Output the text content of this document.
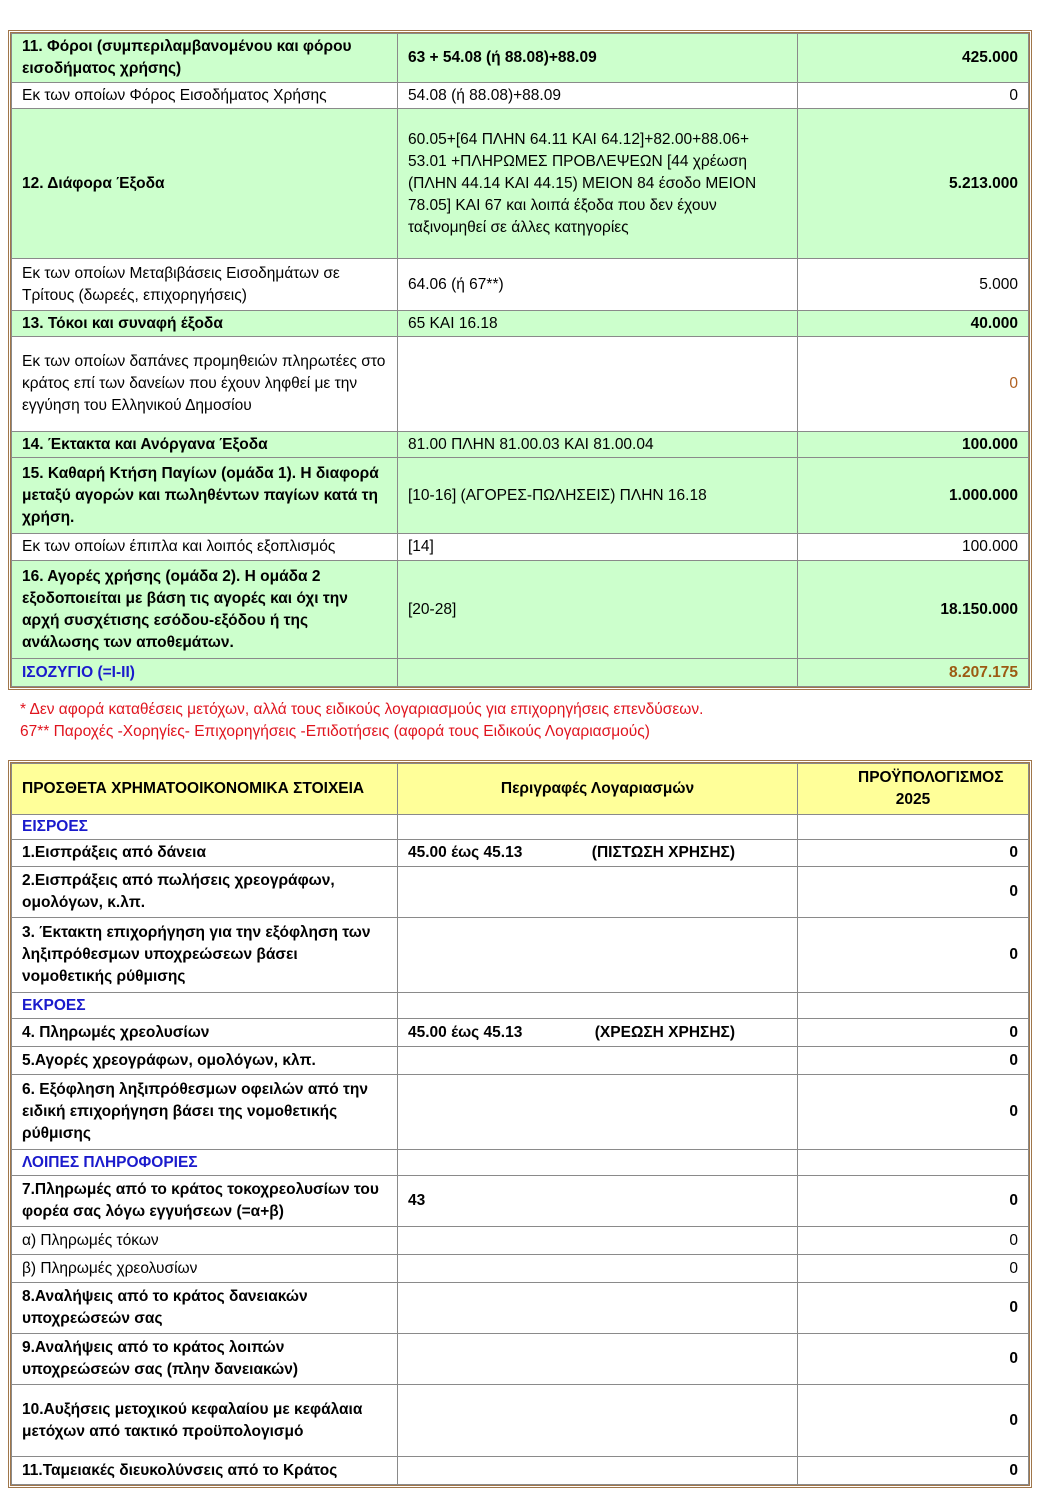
11. Φόροι (συμπεριλαμβανομένου και φόρου εισοδήματος χρήσης)	63 + 54.08 (ή 88.08)+88.09	425.000
Εκ των οποίων Φόρος Εισοδήματος Χρήσης	54.08 (ή 88.08)+88.09	0
12. Διάφορα Έξοδα	60.05+[64 ΠΛΗΝ 64.11 ΚΑΙ 64.12]+82.00+88.06+ 53.01 +ΠΛΗΡΩΜΕΣ ΠΡΟΒΛΕΨΕΩΝ [44 χρέωση (ΠΛΗΝ 44.14 ΚΑΙ 44.15) ΜΕΙΟΝ 84 έσοδο ΜΕΙΟΝ 78.05] ΚΑΙ 67 και λοιπά έξοδα που δεν έχουν ταξινομηθεί σε άλλες κατηγορίες	5.213.000
Εκ των οποίων Μεταβιβάσεις Εισοδημάτων σε Τρίτους (δωρεές, επιχορηγήσεις)	64.06 (ή 67**)	5.000
13. Τόκοι και συναφή έξοδα	65 ΚΑΙ 16.18	40.000
Εκ των οποίων δαπάνες προμηθειών πληρωτέες στο κράτος επί των δανείων που έχουν ληφθεί με την εγγύηση του Ελληνικού Δημοσίου		0
14. Έκτακτα και Ανόργανα Έξοδα	81.00 ΠΛΗΝ 81.00.03 ΚΑΙ 81.00.04	100.000
15. Καθαρή Κτήση Παγίων (ομάδα 1). Η διαφορά μεταξύ αγορών και πωληθέντων παγίων κατά τη χρήση.	[10-16] (ΑΓΟΡΕΣ-ΠΩΛΗΣΕΙΣ) ΠΛΗΝ 16.18	1.000.000
Εκ των οποίων έπιπλα και λοιπός εξοπλισμός	[14]	100.000
16. Αγορές χρήσης (ομάδα 2). Η ομάδα 2 εξοδοποιείται με βάση τις αγορές και όχι την αρχή συσχέτισης εσόδου-εξόδου ή της ανάλωσης των αποθεμάτων.	[20-28]	18.150.000
ΙΣΟΖΥΓΙΟ (=Ι-ΙΙ)		8.207.175
* Δεν αφορά καταθέσεις μετόχων, αλλά τους ειδικούς λογαριασμούς για επιχορηγήσεις επενδύσεων.
67** Παροχές -Χορηγίες- Επιχορηγήσεις -Επιδοτήσεις (αφορά τους Ειδικούς Λογαριασμούς)
ΠΡΟΣΘΕΤΑ ΧΡΗΜΑΤΟΟΙΚΟΝΟΜΙΚΑ ΣΤΟΙΧΕΙΑ	Περιγραφές Λογαριασμών	ΠΡΟΫΠΟΛΟΓΙΣΜΟΣ 2025
ΕΙΣΡΟΕΣ		
1.Εισπράξεις από δάνεια	45.00 έως 45.13 (ΠΙΣΤΩΣΗ ΧΡΗΣΗΣ)	0
2.Εισπράξεις από πωλήσεις χρεογράφων, ομολόγων, κ.λπ.		0
3. Έκτακτη επιχορήγηση για την εξόφληση των ληξιπρόθεσμων υποχρεώσεων βάσει νομοθετικής ρύθμισης		0
ΕΚΡΟΕΣ		
4. Πληρωμές χρεολυσίων	45.00 έως 45.13 (ΧΡΕΩΣΗ ΧΡΗΣΗΣ)	0
5.Αγορές χρεογράφων, ομολόγων, κλπ.		0
6. Εξόφληση ληξιπρόθεσμων οφειλών από την ειδική επιχορήγηση βάσει της νομοθετικής ρύθμισης		0
ΛΟΙΠΕΣ ΠΛΗΡΟΦΟΡΙΕΣ		
7.Πληρωμές από το κράτος τοκοχρεολυσίων του φορέα σας λόγω εγγυήσεων (=α+β)	43	0
α) Πληρωμές τόκων		0
β) Πληρωμές χρεολυσίων		0
8.Αναλήψεις από το κράτος δανειακών υποχρεώσεών σας		0
9.Αναλήψεις από το κράτος λοιπών υποχρεώσεών σας (πλην δανειακών)		0
10.Αυξήσεις μετοχικού κεφαλαίου με κεφάλαια μετόχων από τακτικό προϋπολογισμό		0
11.Ταμειακές διευκολύνσεις από το Κράτος		0
